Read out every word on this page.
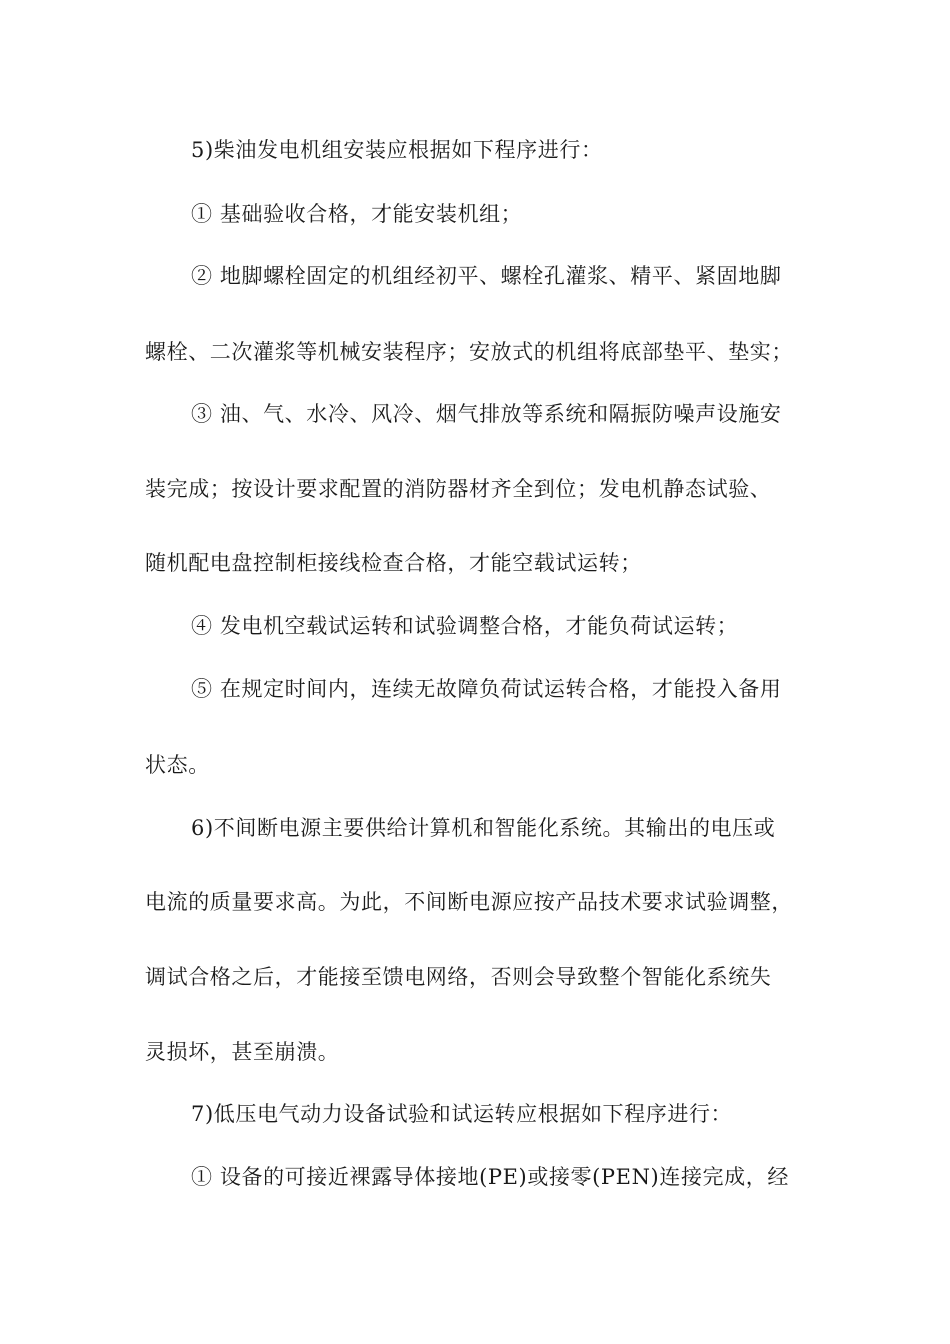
5)柴油发电机组安装应根据如下程序进行：
① 基础验收合格，才能安装机组；
② 地脚螺栓固定的机组经初平、螺栓孔灌浆、精平、紧固地脚
螺栓、二次灌浆等机械安装程序；安放式的机组将底部垫平、垫实；
③ 油、气、水冷、风冷、烟气排放等系统和隔振防噪声设施安
装完成；按设计要求配置的消防器材齐全到位；发电机静态试验、
随机配电盘控制柜接线检查合格，才能空载试运转；
④ 发电机空载试运转和试验调整合格，才能负荷试运转；
⑤ 在规定时间内，连续无故障负荷试运转合格，才能投入备用
状态。
6)不间断电源主要供给计算机和智能化系统。其输出的电压或
电流的质量要求高。为此，不间断电源应按产品技术要求试验调整，
调试合格之后，才能接至馈电网络，否则会导致整个智能化系统失
灵损坏，甚至崩溃。
7)低压电气动力设备试验和试运转应根据如下程序进行：
① 设备的可接近裸露导体接地(PE)或接零(PEN)连接完成，经
